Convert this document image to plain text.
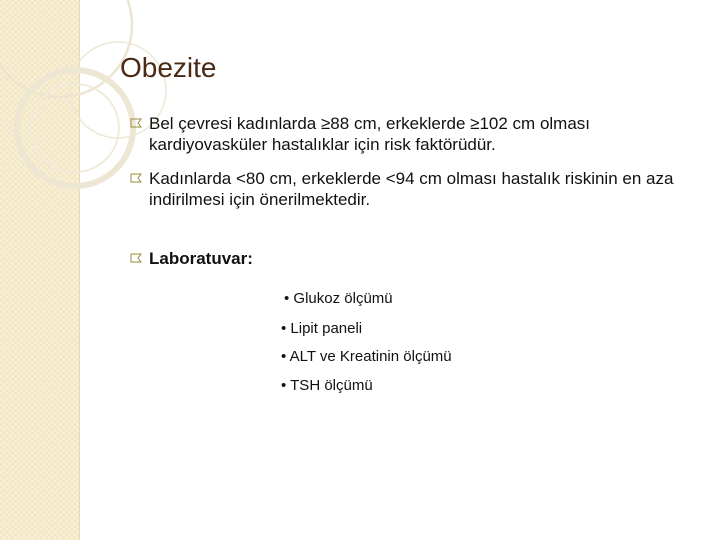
Obezite
Bel çevresi kadınlarda ≥88 cm, erkeklerde ≥102 cm olması kardiyovasküler hastalıklar için risk faktörüdür.
Kadınlarda <80 cm, erkeklerde <94 cm olması hastalık riskinin en aza indirilmesi için önerilmektedir.
Laboratuvar:
• Glukoz ölçümü
• Lipit paneli
• ALT ve Kreatinin ölçümü
• TSH ölçümü
